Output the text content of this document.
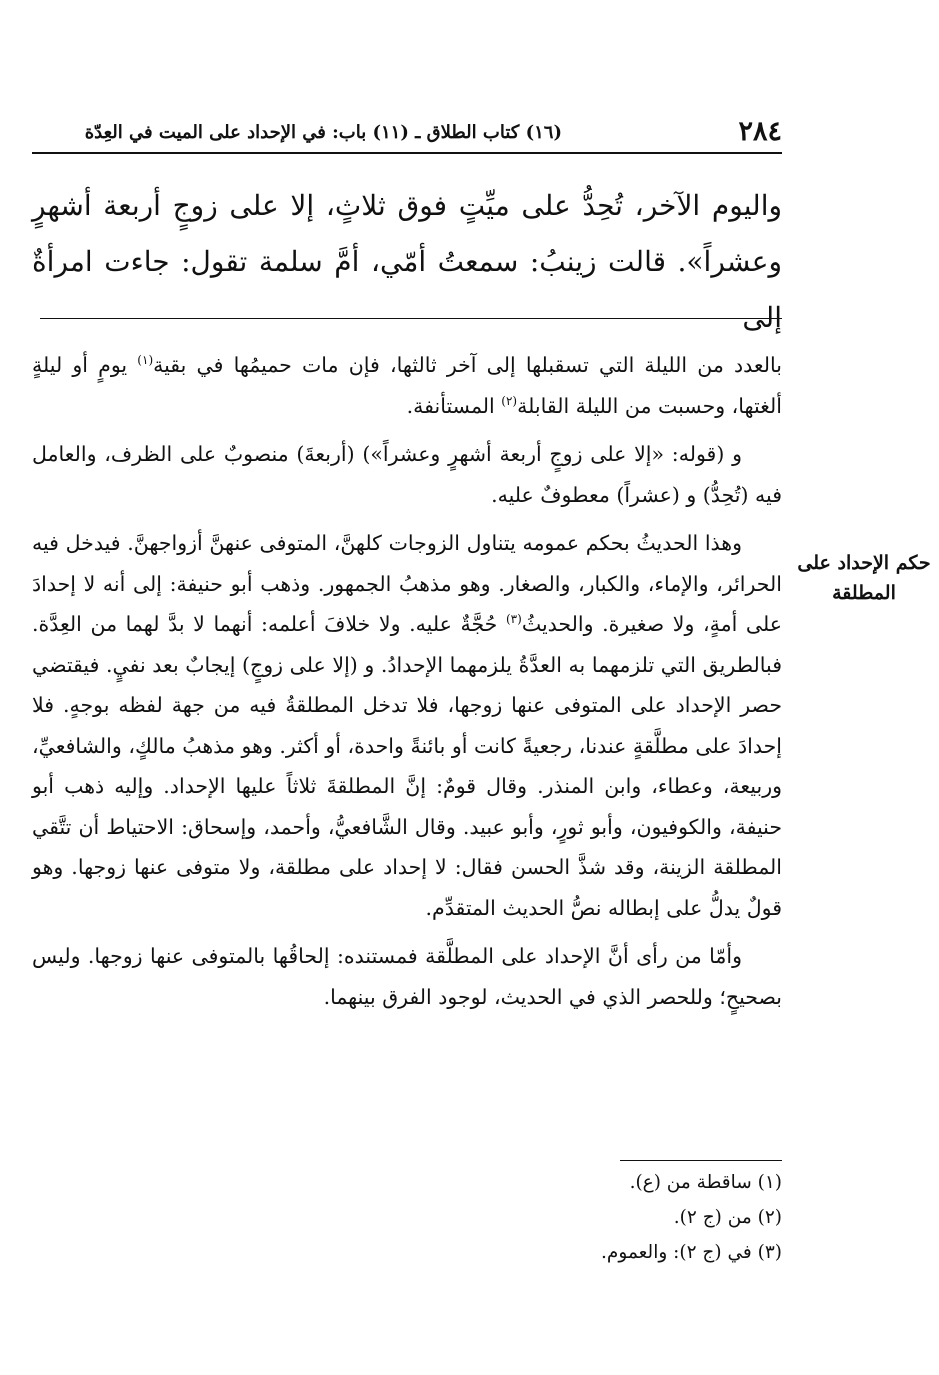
٢٨٤
(١٦) كتاب الطلاق ـ (١١) باب: في الإحداد على الميت في العِدّة
واليوم الآخر، تُحِدُّ على ميِّتٍ فوق ثلاثٍ، إلا على زوجٍ أربعة أشهرٍ وعشراً». قالت زينبُ: سمعتُ أمّي، أمَّ سلمة تقول: جاءت امرأةٌ إلى
حكم الإحداد على المطلقة

بالعدد من الليلة التي تسقبلها إلى آخر ثالثها، فإن مات حميمُها في بقية$^{(١)}$ يومٍ أو ليلةٍ ألغتها، وحسبت من الليلة القابلة$^{(٢)}$ المستأنفة.

و (قوله: «إلا على زوجٍ أربعة أشهرٍ وعشراً») (أربعةَ) منصوبٌ على الظرف، والعامل فيه (تُحِدُّ) و (عشراً) معطوفٌ عليه.

وهذا الحديثُ بحكم عمومه يتناول الزوجات كلهنَّ، المتوفى عنهنَّ أزواجهنَّ. فيدخل فيه الحرائر، والإماء، والكبار، والصغار. وهو مذهبُ الجمهور. وذهب أبو حنيفة: إلى أنه لا إحدادَ على أمةٍ، ولا صغيرة. والحديثُ$^{(٣)}$ حُجَّةٌ عليه. ولا خلافَ أعلمه: أنهما لا بدَّ لهما من العِدَّة. فبالطريق التي تلزمهما به العدَّةُ يلزمهما الإحدادُ. و (إلا على زوجٍ) إيجابٌ بعد نفيٍ. فيقتضي حصر الإحداد على المتوفى عنها زوجها، فلا تدخل المطلقةُ فيه من جهة لفظه بوجهٍ. فلا إحدادَ على مطلَّقةٍ عندنا، رجعيةً كانت أو بائنةً واحدة، أو أكثر. وهو مذهبُ مالكٍ، والشافعيِّ، وربيعة، وعطاء، وابن المنذر. وقال قومٌ: إنَّ المطلقةَ ثلاثاً عليها الإحداد. وإليه ذهب أبو حنيفة، والكوفيون، وأبو ثورٍ، وأبو عبيد. وقال الشَّافعيُّ، وأحمد، وإسحاق: الاحتياط أن تتَّقي المطلقة الزينة، وقد شذَّ الحسن فقال: لا إحداد على مطلقة، ولا متوفى عنها زوجها. وهو قولٌ يدلُّ على إبطاله نصُّ الحديث المتقدِّم.

وأمّا من رأى أنَّ الإحداد على المطلَّقة فمستنده: إلحاقُها بالمتوفى عنها زوجها. وليس بصحيحٍ؛ وللحصر الذي في الحديث، لوجود الفرق بينهما.

(١) ساقطة من (ع).
(٢) من (ج ٢).
(٣) في (ج ٢): والعموم.
